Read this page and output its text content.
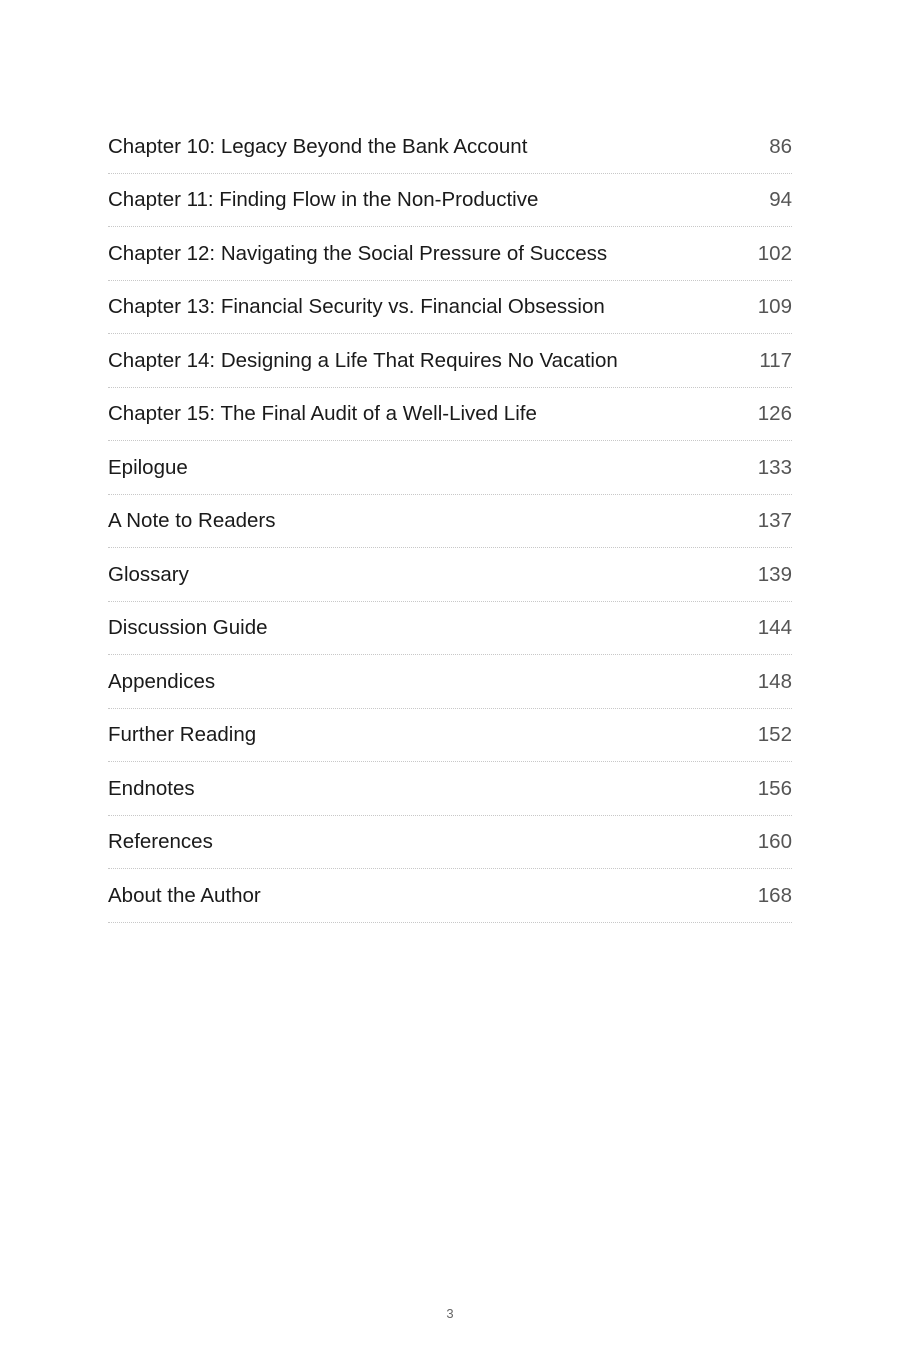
Chapter 10: Legacy Beyond the Bank Account	86
Chapter 11: Finding Flow in the Non-Productive	94
Chapter 12: Navigating the Social Pressure of Success	102
Chapter 13: Financial Security vs. Financial Obsession	109
Chapter 14: Designing a Life That Requires No Vacation	117
Chapter 15: The Final Audit of a Well-Lived Life	126
Epilogue	133
A Note to Readers	137
Glossary	139
Discussion Guide	144
Appendices	148
Further Reading	152
Endnotes	156
References	160
About the Author	168
3
